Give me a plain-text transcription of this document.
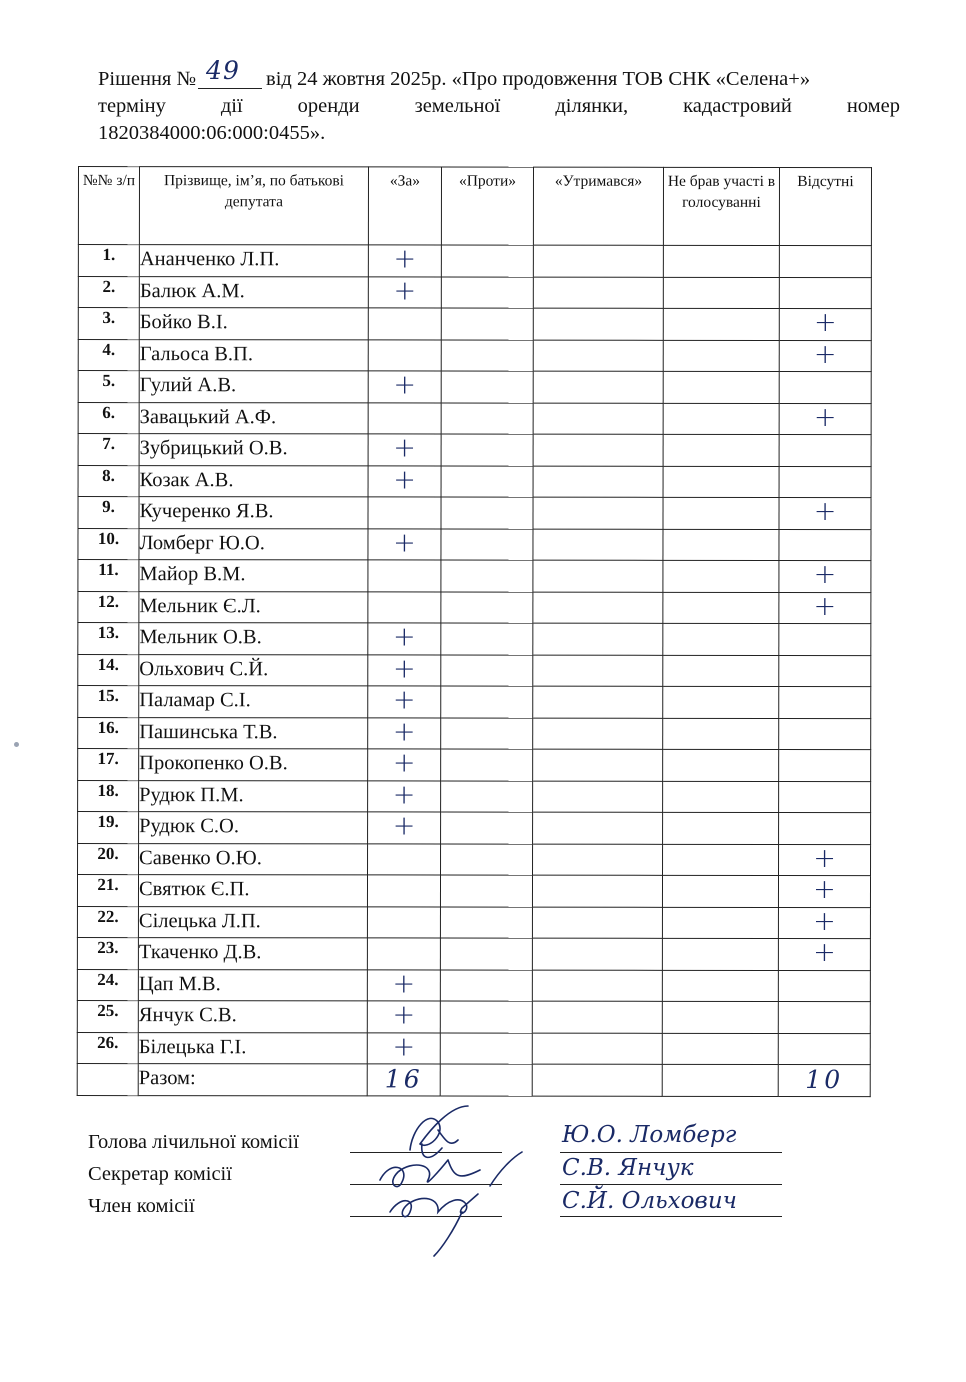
Рішення № 49 від 24 жовтня 2025р. «Про продовження ТОВ СНК «Селена+»
терміну	дії	оренди	земельної	ділянки,	кадастровий	номер
1820384000:06:000:0455».
№№ з/п	Прізвище, ім’я, по батькові депутата	«За»	«Проти»	«Утримався»	Не брав участі в голосуванні	Відсутні
1.	Ананченко Л.П.	+				
2.	Балюк А.М.	+				
3.	Бойко В.І.					+
4.	Гальоса В.П.					+
5.	Гулий А.В.	+				
6.	Завацький А.Ф.					+
7.	Зубрицький О.В.	+				
8.	Козак А.В.	+				
9.	Кучеренко Я.В.					+
10.	Ломберг Ю.О.	+				
11.	Майор В.М.					+
12.	Мельник Є.Л.					+
13.	Мельник О.В.	+				
14.	Ольхович С.Й.	+				
15.	Паламар С.І.	+				
16.	Пашинська Т.В.	+				
17.	Прокопенко О.В.	+				
18.	Рудюк П.М.	+				
19.	Рудюк С.О.	+				
20.	Савенко О.Ю.					+
21.	Святюк Є.П.					+
22.	Сілецька Л.П.					+
23.	Ткаченко Д.В.					+
24.	Цап М.В.	+				
25.	Янчук С.В.	+				
26.	Білецька Г.І.	+				
	Разом:	16				10
Голова лічильної комісії
Секретар комісії
Член комісії
Ю.О. Ломберг
С.В. Янчук
С.Й. Ольхович
